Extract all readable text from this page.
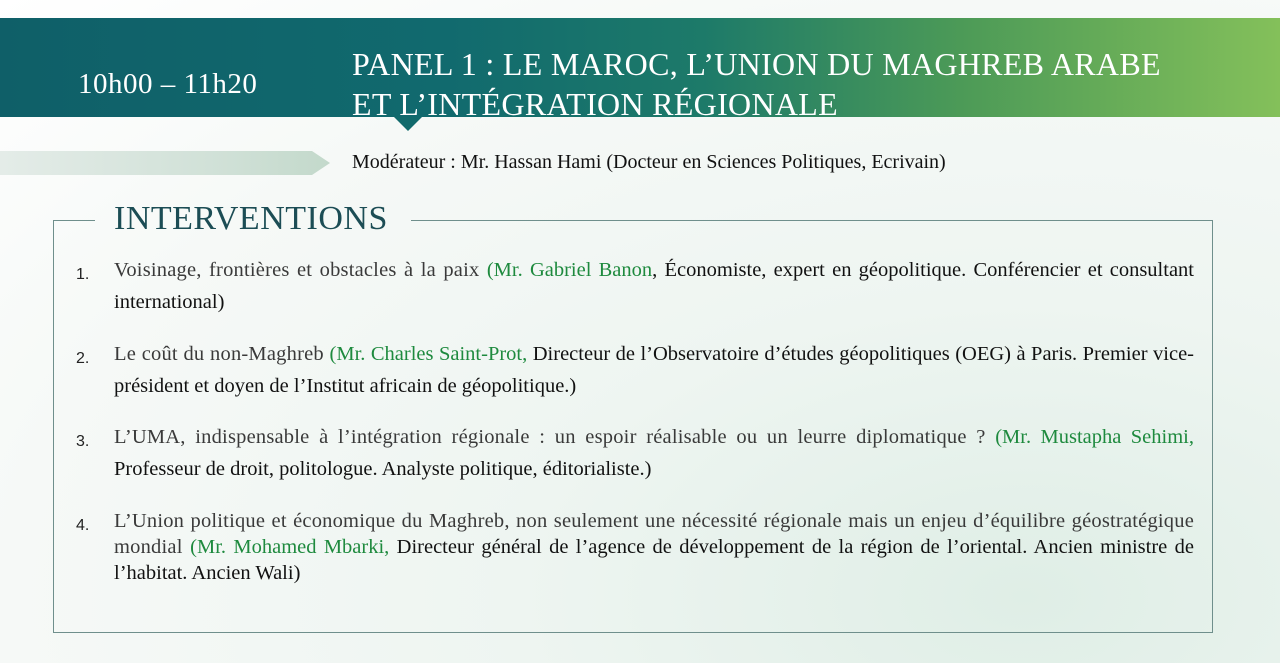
10h00 – 11h20
PANEL 1 : LE MAROC, L’UNION DU MAGHREB ARABE
ET L’INTÉGRATION RÉGIONALE
Modérateur : Mr. Hassan Hami (Docteur en Sciences Politiques, Ecrivain)
INTERVENTIONS
1.	Voisinage, frontières et obstacles à la paix (Mr. Gabriel Banon, Économiste, expert en géopolitique. Conférencier et consultant international)
2.	Le coût du non-Maghreb (Mr. Charles Saint-Prot, Directeur de l’Observatoire d’études géopolitiques (OEG) à Paris. Premier vice-président et doyen de l’Institut africain de géopolitique.)
3.	L’UMA, indispensable à l’intégration régionale : un espoir réalisable ou un leurre diplomatique ? (Mr. Mustapha Sehimi, Professeur de droit, politologue. Analyste politique, éditorialiste.)
4.	L’Union politique et économique du Maghreb, non seulement une nécessité régionale mais un enjeu d’équilibre géostratégique mondial (Mr. Mohamed Mbarki, Directeur général de l’agence de développement de la région de l’oriental. Ancien ministre de l’habitat. Ancien Wali)
